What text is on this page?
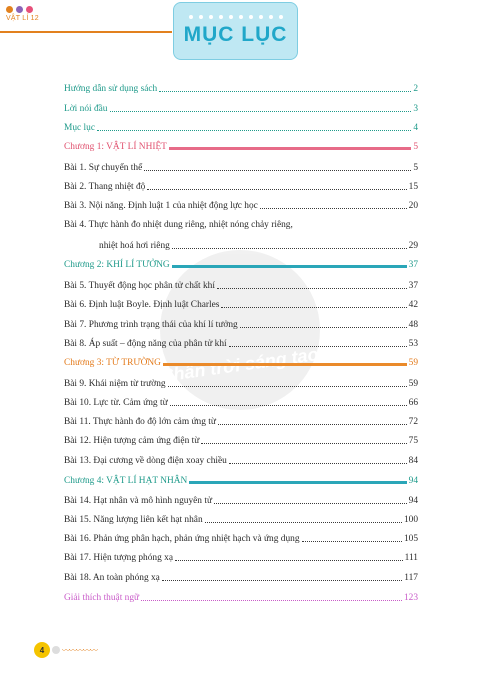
VẬT LÍ 12
MỤC LỤC
Chân trời sáng tạo
Hướng dẫn sử dụng sách	2
Lời nói đầu	3
Mục lục	4
Chương 1: VẬT LÍ NHIỆT	5
Bài 1. Sự chuyển thể	5
Bài 2. Thang nhiệt độ	15
Bài 3. Nội năng. Định luật 1 của nhiệt động lực học	20
Bài 4. Thực hành đo nhiệt dung riêng, nhiệt nóng chảy riêng,
nhiệt hoá hơi riêng	29
Chương 2: KHÍ LÍ TƯỞNG	37
Bài 5. Thuyết động học phân tử chất khí	37
Bài 6. Định luật Boyle. Định luật Charles	42
Bài 7. Phương trình trạng thái của khí lí tưởng	48
Bài 8. Áp suất – động năng của phân tử khí	53
Chương 3: TỪ TRƯỜNG	59
Bài 9. Khái niệm từ trường	59
Bài 10. Lực từ. Cảm ứng từ	66
Bài 11. Thực hành đo độ lớn cảm ứng từ	72
Bài 12. Hiện tượng cảm ứng điện từ	75
Bài 13. Đại cương về dòng điện xoay chiều	84
Chương 4: VẬT LÍ HẠT NHÂN	94
Bài 14. Hạt nhân và mô hình nguyên tử	94
Bài 15. Năng lượng liên kết hạt nhân	100
Bài 16. Phản ứng phân hạch, phản ứng nhiệt hạch và ứng dụng	105
Bài 17. Hiện tượng phóng xạ	111
Bài 18. An toàn phóng xạ	117
Giải thích thuật ngữ	123
4	〰〰〰〰〰
